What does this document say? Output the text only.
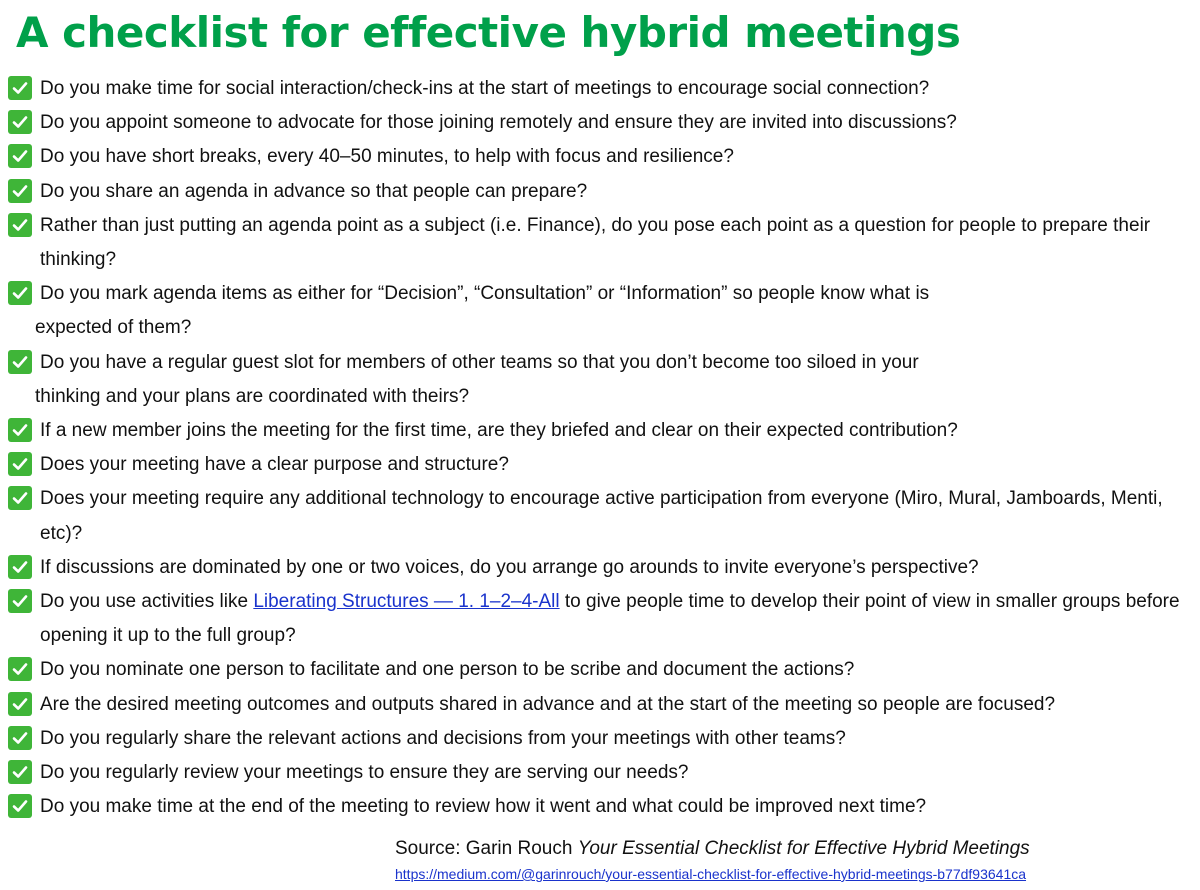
A checklist for effective hybrid meetings
Do you make time for social interaction/check-ins at the start of meetings to encourage social connection?
Do you appoint someone to advocate for those joining remotely and ensure they are invited into discussions?
Do you have short breaks, every 40–50 minutes, to help with focus and resilience?
Do you share an agenda in advance so that people can prepare?
Rather than just putting an agenda point as a subject (i.e. Finance), do you pose each point as a question for people to prepare their thinking?
Do you mark agenda items as either for “Decision”, “Consultation” or “Information” so people know what is
expected of them?
Do you have a regular guest slot for members of other teams so that you don’t become too siloed in your
thinking and your plans are coordinated with theirs?
If a new member joins the meeting for the first time, are they briefed and clear on their expected contribution?
Does your meeting have a clear purpose and structure?
Does your meeting require any additional technology to encourage active participation from everyone (Miro, Mural, Jamboards, Menti, etc)?
If discussions are dominated by one or two voices, do you arrange go arounds to invite everyone’s perspective?
Do you use activities like Liberating Structures — 1. 1–2–4-All to give people time to develop their point of view in smaller groups before opening it up to the full group?
Do you nominate one person to facilitate and one person to be scribe and document the actions?
Are the desired meeting outcomes and outputs shared in advance and at the start of the meeting so people are focused?
Do you regularly share the relevant actions and decisions from your meetings with other teams?
Do you regularly review your meetings to ensure they are serving our needs?
Do you make time at the end of the meeting to review how it went and what could be improved next time?
Source: Garin Rouch Your Essential Checklist for Effective Hybrid Meetings
https://medium.com/@garinrouch/your-essential-checklist-for-effective-hybrid-meetings-b77df93641ca
